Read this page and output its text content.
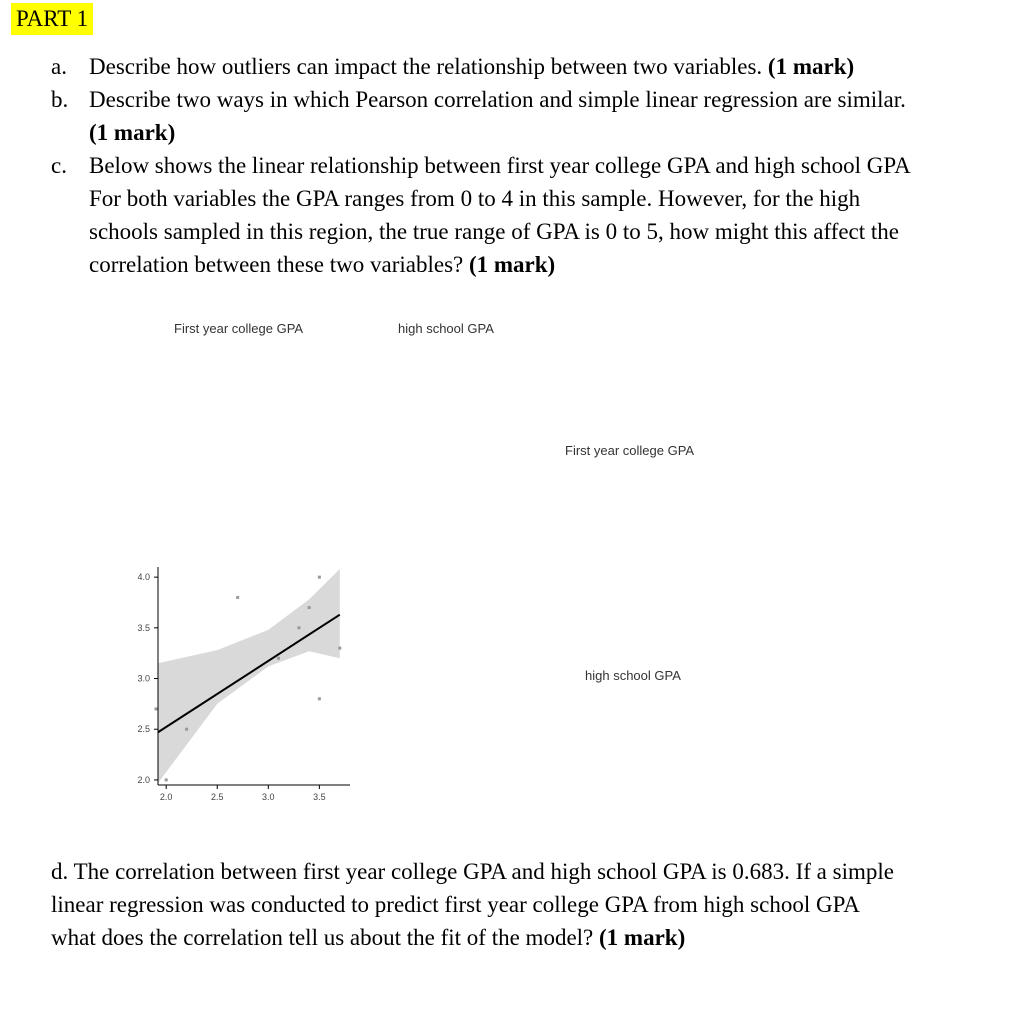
PART 1
a. Describe how outliers can impact the relationship between two variables. (1 mark)
b. Describe two ways in which Pearson correlation and simple linear regression are similar.
(1 mark)
c. Below shows the linear relationship between first year college GPA and high school GPA
For both variables the GPA ranges from 0 to 4 in this sample. However, for the high
schools sampled in this region, the true range of GPA is 0 to 5, how might this affect the
correlation between these two variables? (1 mark)
First year college GPA	high school GPA
First year college GPA
high school GPA
4.0
3.5
3.0
2.5
2.0
2.0	2.5	3.0	3.5
d. The correlation between first year college GPA and high school GPA is 0.683. If a simple
linear regression was conducted to predict first year college GPA from high school GPA
what does the correlation tell us about the fit of the model? (1 mark)
